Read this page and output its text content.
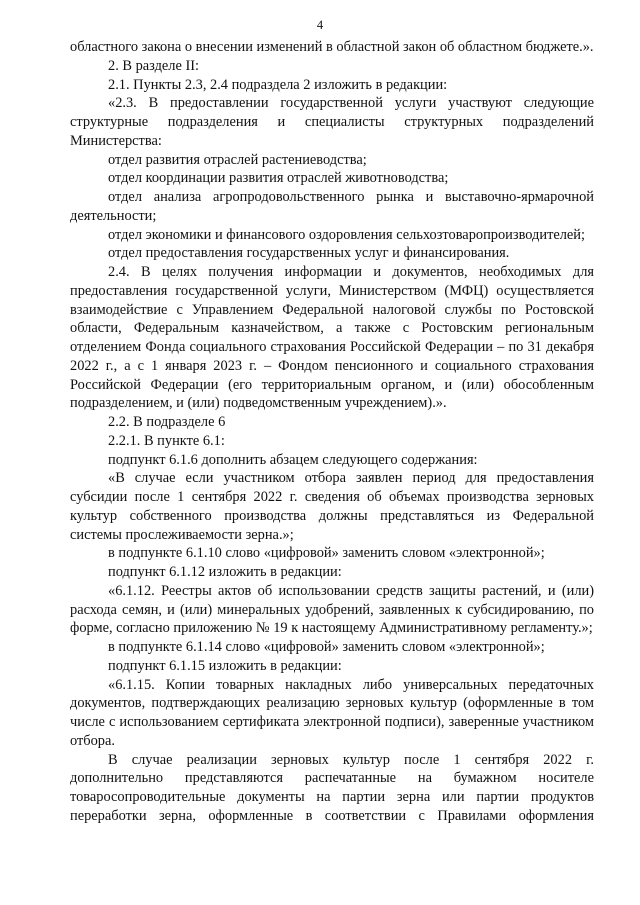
4

областного закона о внесении изменений в областной закон об областном бюджете.».

2. В разделе II:

2.1. Пункты 2.3, 2.4 подраздела 2 изложить в редакции:

«2.3. В предоставлении государственной услуги участвуют следующие структурные подразделения и специалисты структурных подразделений Министерства:

отдел развития отраслей растениеводства;

отдел координации развития отраслей животноводства;

отдел анализа агропродовольственного рынка и выставочно-ярмарочной деятельности;

отдел экономики и финансового оздоровления сельхозтоваропроизводителей;

отдел предоставления государственных услуг и финансирования.

2.4. В целях получения информации и документов, необходимых для предоставления государственной услуги, Министерством (МФЦ) осуществляется взаимодействие с Управлением Федеральной налоговой службы по Ростовской области, Федеральным казначейством, а также с Ростовским региональным отделением Фонда социального страхования Российской Федерации – по 31 декабря 2022 г., а с 1 января 2023 г. – Фондом пенсионного и социального страхования Российской Федерации (его территориальным органом, и (или) обособленным подразделением, и (или) подведомственным учреждением).».

2.2. В подразделе 6

2.2.1. В пункте 6.1:

подпункт 6.1.6 дополнить абзацем следующего содержания:

«В случае если участником отбора заявлен период для предоставления субсидии после 1 сентября 2022 г. сведения об объемах производства зерновых культур собственного производства должны представляться из Федеральной системы прослеживаемости зерна.»;

в подпункте 6.1.10 слово «цифровой» заменить словом «электронной»;

подпункт 6.1.12 изложить в редакции:

«6.1.12. Реестры актов об использовании средств защиты растений, и (или) расхода семян, и (или) минеральных удобрений, заявленных к субсидированию, по форме, согласно приложению № 19 к настоящему Административному регламенту.»;

в подпункте 6.1.14 слово «цифровой» заменить словом «электронной»;

подпункт 6.1.15 изложить в редакции:

«6.1.15. Копии товарных накладных либо универсальных передаточных документов, подтверждающих реализацию зерновых культур (оформленные в том числе с использованием сертификата электронной подписи), заверенные участником отбора.

В случае реализации зерновых культур после 1 сентября 2022 г. дополнительно представляются распечатанные на бумажном носителе товаросопроводительные документы на партии зерна или партии продуктов переработки зерна, оформленные в соответствии с Правилами оформления
